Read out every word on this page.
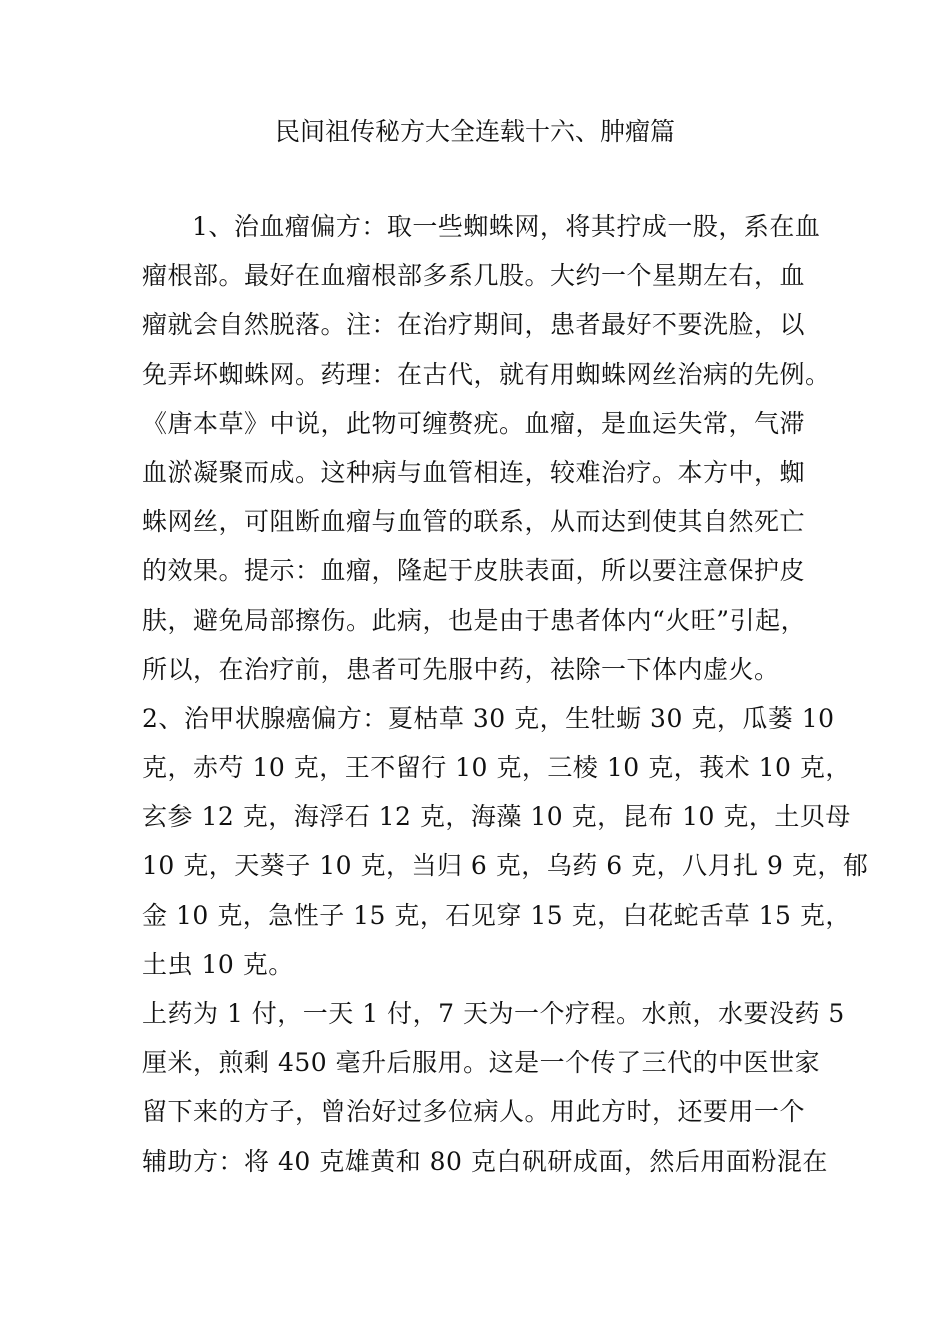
民间祖传秘方大全连载十六、肿瘤篇
1、治血瘤偏方：取一些蜘蛛网，将其拧成一股，系在血
瘤根部。最好在血瘤根部多系几股。大约一个星期左右，血
瘤就会自然脱落。注：在治疗期间，患者最好不要洗脸，以
免弄坏蜘蛛网。药理：在古代，就有用蜘蛛网丝治病的先例。
《唐本草》中说，此物可缠赘疣。血瘤，是血运失常，气滞
血淤凝聚而成。这种病与血管相连，较难治疗。本方中，蜘
蛛网丝，可阻断血瘤与血管的联系，从而达到使其自然死亡
的效果。提示：血瘤，隆起于皮肤表面，所以要注意保护皮
肤，避免局部擦伤。此病，也是由于患者体内“火旺”引起，
所以，在治疗前，患者可先服中药，祛除一下体内虚火。
2、治甲状腺癌偏方：夏枯草 30 克，生牡蛎 30 克，瓜蒌 10
克，赤芍 10 克，王不留行 10 克，三棱 10 克，莪术 10 克，
玄参 12 克，海浮石 12 克，海藻 10 克，昆布 10 克，土贝母
10 克，天葵子 10 克，当归 6 克，乌药 6 克，八月扎 9 克，郁
金 10 克，急性子 15 克，石见穿 15 克，白花蛇舌草 15 克，
土虫 10 克。
上药为 1 付，一天 1 付，7 天为一个疗程。水煎，水要没药 5
厘米，煎剩 450 毫升后服用。这是一个传了三代的中医世家
留下来的方子，曾治好过多位病人。用此方时，还要用一个
辅助方：将 40 克雄黄和 80 克白矾研成面，然后用面粉混在
